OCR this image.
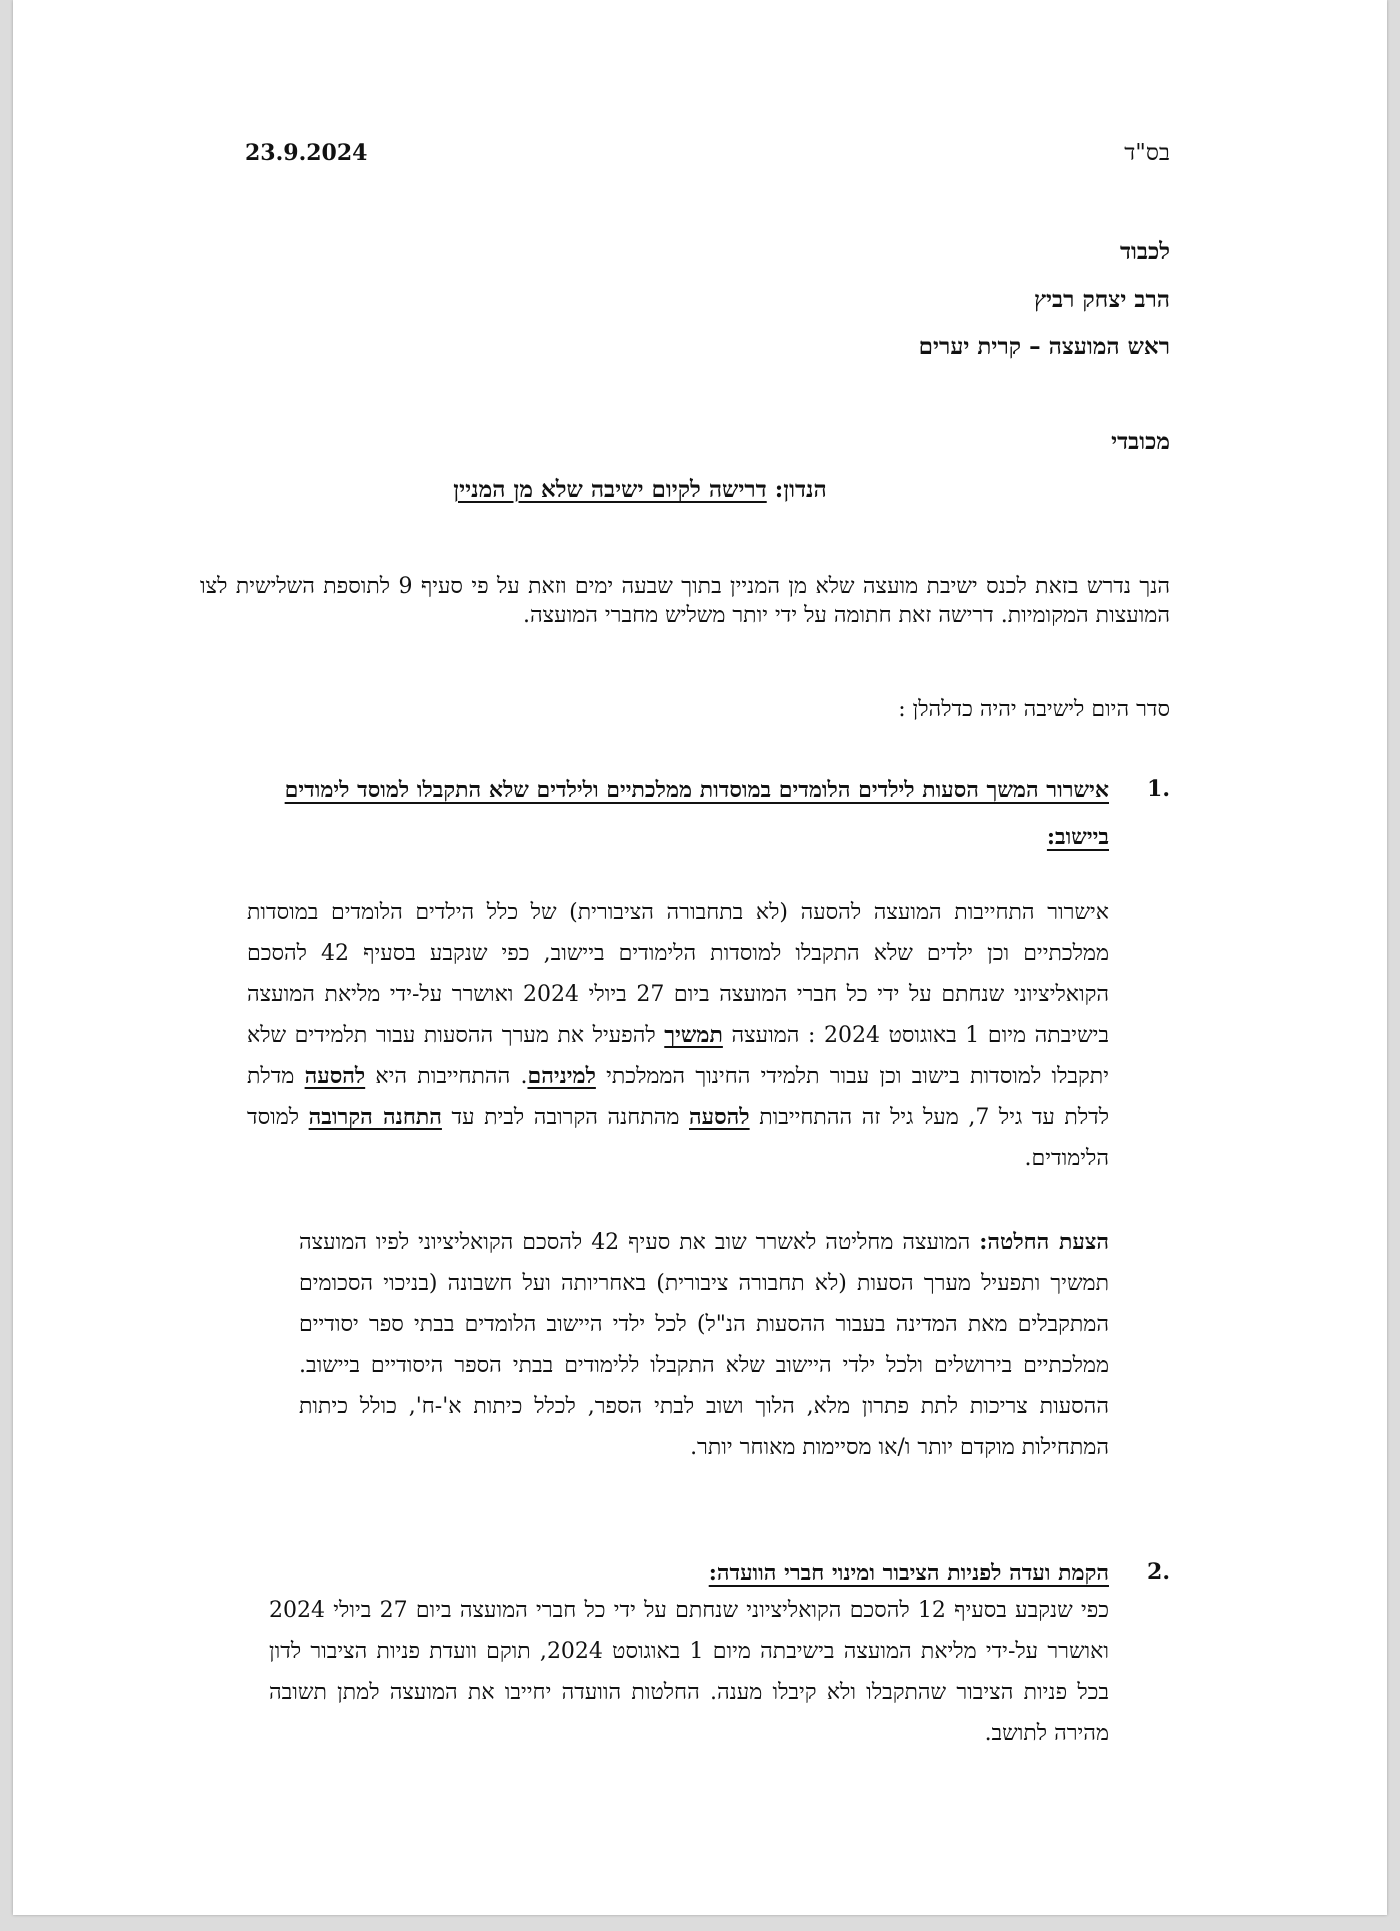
23.9.2024	בס"ד
לכבוד
הרב יצחק רביץ
ראש המועצה – קרית יערים
מכובדי
הנדון: דרישה לקיום ישיבה שלא מן המניין
הנך נדרש בזאת לכנס ישיבת מועצה שלא מן המניין בתוך שבעה ימים וזאת על פי סעיף 9 לתוספת השלישית לצו המועצות המקומיות. דרישה זאת חתומה על ידי יותר משליש מחברי המועצה.
סדר היום לישיבה יהיה כדלהלן :
1.
אישרור המשך הסעות לילדים הלומדים במוסדות ממלכתיים ולילדים שלא התקבלו למוסד לימודים ביישוב:
אישרור התחייבות המועצה להסעה (לא בתחבורה הציבורית) של כלל הילדים הלומדים במוסדות ממלכתיים וכן ילדים שלא התקבלו למוסדות הלימודים ביישוב, כפי שנקבע בסעיף 42 להסכם הקואליציוני שנחתם על ידי כל חברי המועצה ביום 27 ביולי 2024 ואושרר על-ידי מליאת המועצה בישיבתה מיום 1 באוגוסט 2024 : המועצה תמשיך להפעיל את מערך ההסעות עבור תלמידים שלא יתקבלו למוסדות בישוב וכן עבור תלמידי החינוך הממלכתי למיניהם. ההתחייבות היא להסעה מדלת לדלת עד גיל 7, מעל גיל זה ההתחייבות להסעה מהתחנה הקרובה לבית עד התחנה הקרובה למוסד הלימודים.
הצעת החלטה: המועצה מחליטה לאשרר שוב את סעיף 42 להסכם הקואליציוני לפיו המועצה תמשיך ותפעיל מערך הסעות (לא תחבורה ציבורית) באחריותה ועל חשבונה (בניכוי הסכומים המתקבלים מאת המדינה בעבור ההסעות הנ"ל) לכל ילדי היישוב הלומדים בבתי ספר יסודיים ממלכתיים בירושלים ולכל ילדי היישוב שלא התקבלו ללימודים בבתי הספר היסודיים ביישוב. ההסעות צריכות לתת פתרון מלא, הלוך ושוב לבתי הספר, לכלל כיתות א'-ח', כולל כיתות המתחילות מוקדם יותר ו/או מסיימות מאוחר יותר.
2.
הקמת ועדה לפניות הציבור ומינוי חברי הוועדה:
כפי שנקבע בסעיף 12 להסכם הקואליציוני שנחתם על ידי כל חברי המועצה ביום 27 ביולי 2024 ואושרר על-ידי מליאת המועצה בישיבתה מיום 1 באוגוסט 2024, תוקם וועדת פניות הציבור לדון בכל פניות הציבור שהתקבלו ולא קיבלו מענה. החלטות הוועדה יחייבו את המועצה למתן תשובה מהירה לתושב.
